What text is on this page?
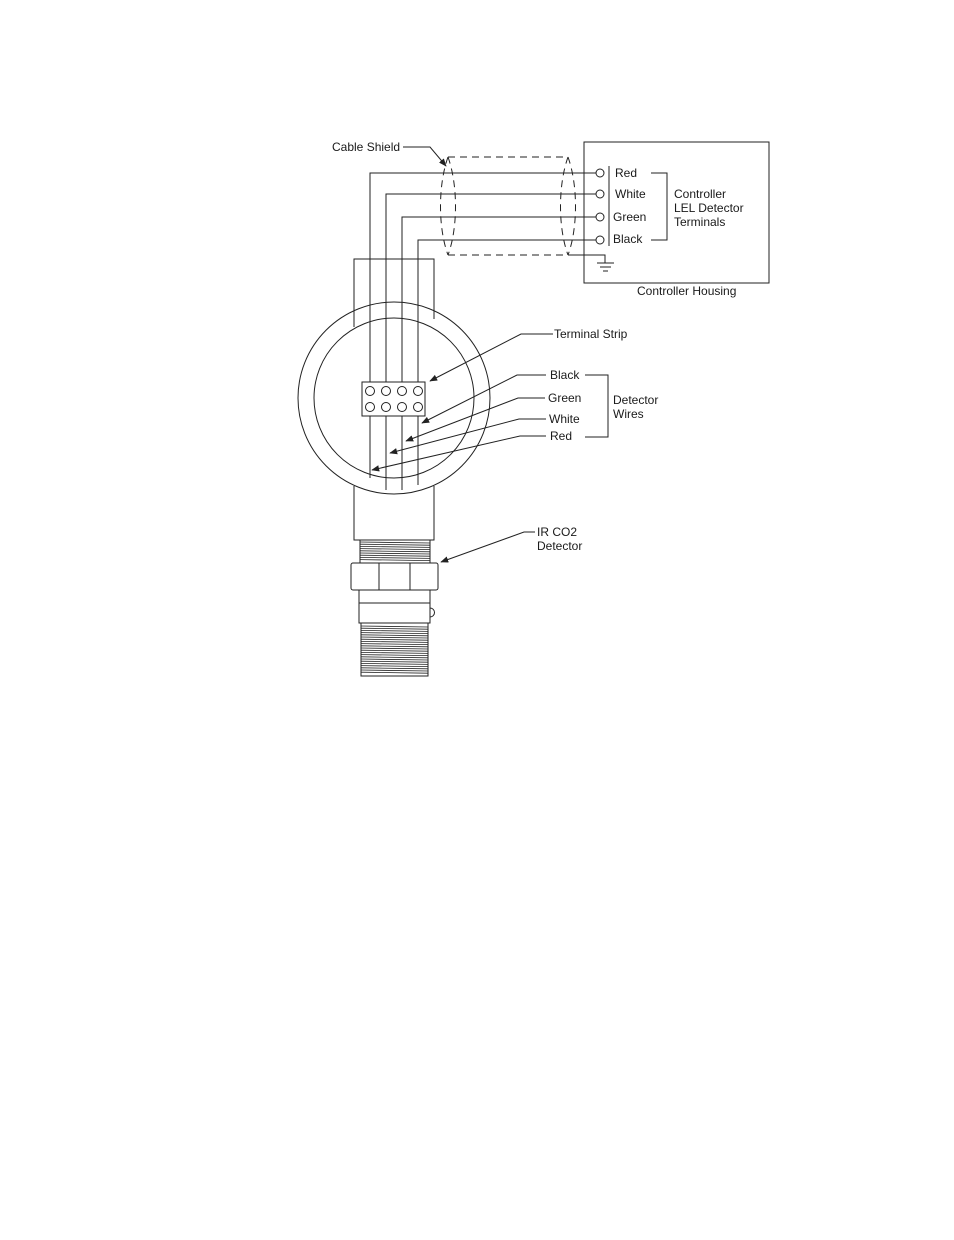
Controller Housing
Red
White
Green
Black
Controller
LEL Detector
Terminals
Cable Shield
Terminal Strip
Black
Green
White
Red
Detector
Wires
IR CO2
Detector
